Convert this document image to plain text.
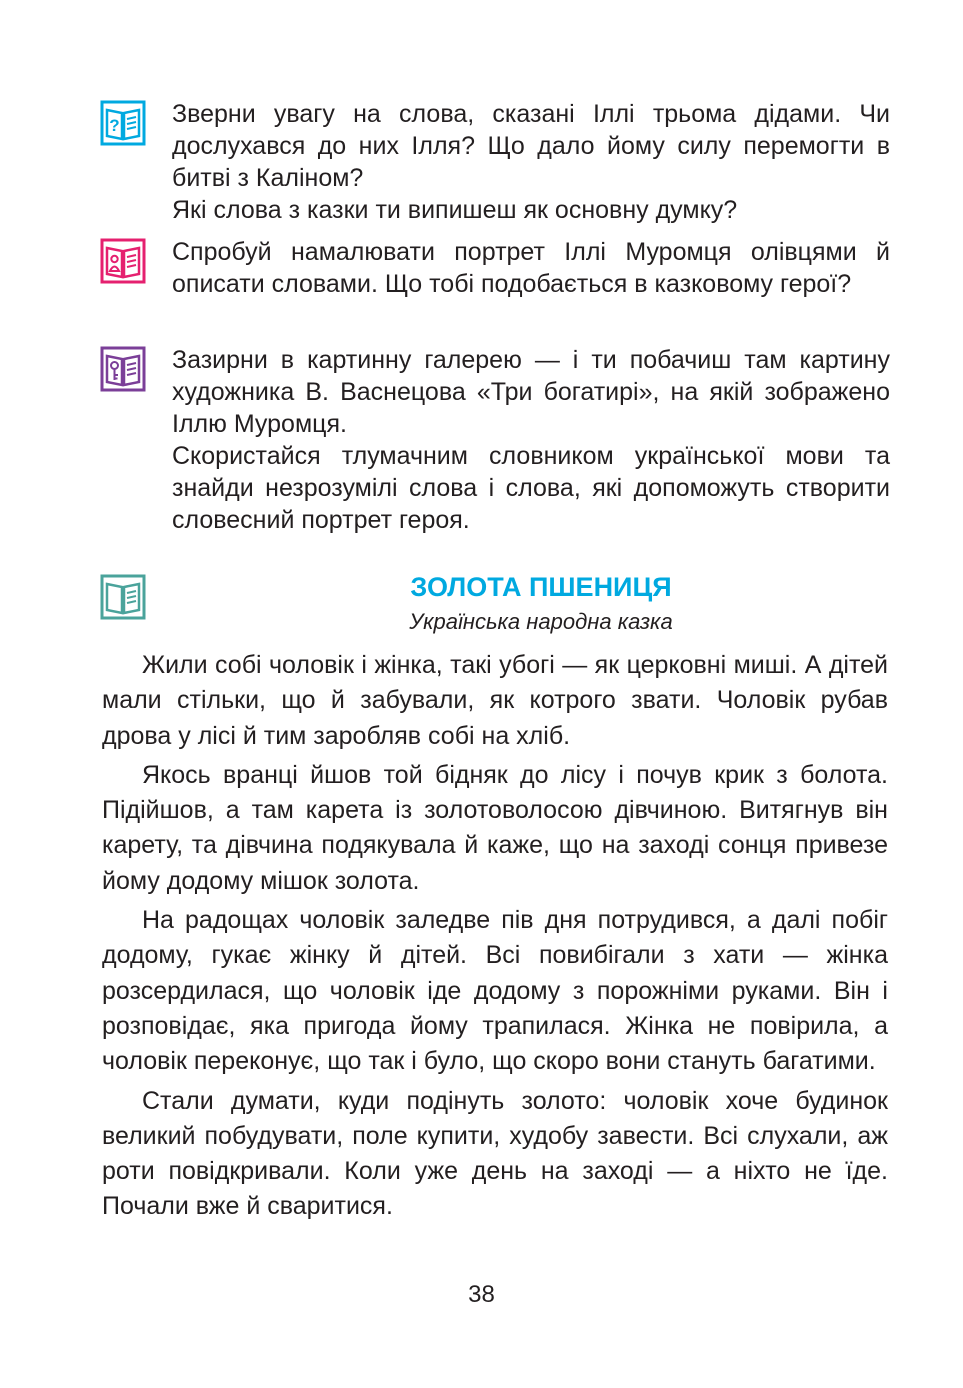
? Зверни увагу на слова, сказані Іллі трьома дідами. Чи дослухався до них Ілля? Що дало йому силу перемогти в битві з Каліном?

Які слова з казки ти випишеш як основну думку?

Спробуй намалювати портрет Іллі Муромця олівцями й описати словами. Що тобі подобається в казковому герої?

Зазирни в картинну галерею — і ти побачиш там картину художника В. Васнецова «Три богатирі», на якій зображено Іллю Муромця.

Скористайся тлумачним словником української мови та знайди незрозумілі слова і слова, які допоможуть створити словесний портрет героя.

ЗОЛОТА ПШЕНИЦЯ
Українська народна казка

Жили собі чоловік і жінка, такі убогі — як церковні миші. А дітей мали стільки, що й забували, як котрого звати. Чоловік рубав дрова у лісі й тим заробляв собі на хліб.

Якось вранці йшов той бідняк до лісу і почув крик з болота. Підійшов, а там карета із золотоволосою дівчиною. Витягнув він карету, та дівчина подякувала й каже, що на заході сонця привезе йому додому мішок золота.

На радощах чоловік заледве пів дня потрудився, а далі побіг додому, гукає жінку й дітей. Всі повибігали з хати — жінка розсердилася, що чоловік іде додому з порожніми руками. Він і розповідає, яка пригода йому трапилася. Жінка не повірила, а чоловік переконує, що так і було, що скоро вони стануть багатими.

Стали думати, куди подінуть золото: чоловік хоче будинок великий побудувати, поле купити, худобу завести. Всі слухали, аж роти повідкривали. Коли уже день на заході — а ніхто не їде. Почали вже й сваритися.

38
